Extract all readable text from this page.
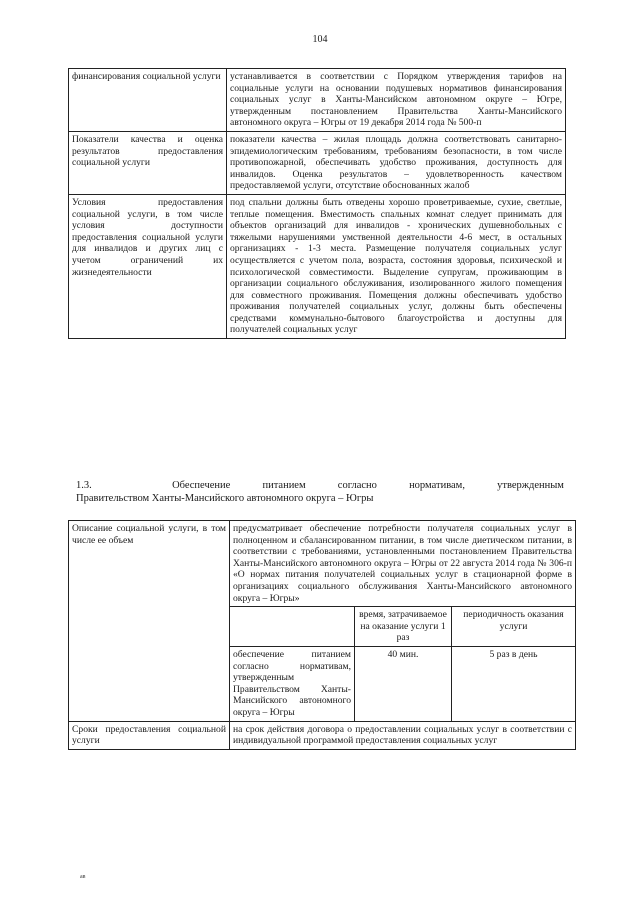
104
финансирования социальной услуги	устанавливается в соответствии с Порядком утверждения тарифов на социальные услуги на основании подушевых нормативов финансирования социальных услуг в Ханты-Мансийском автономном округе – Югре, утвержденным постановлением Правительства Ханты-Мансийского автономного округа – Югры от 19 декабря 2014 года № 500-п
Показатели качества и оценка результатов предоставления социальной услуги	показатели качества – жилая площадь должна соответствовать санитарно-эпидемиологическим требованиям, требованиям безопасности, в том числе противопожарной, обеспечивать удобство проживания, доступность для инвалидов. Оценка результатов – удовлетворенность качеством предоставляемой услуги, отсутствие обоснованных жалоб
Условия предоставления социальной услуги, в том числе условия доступности предоставления социальной услуги для инвалидов и других лиц с учетом ограничений их жизнедеятельности	под спальни должны быть отведены хорошо проветриваемые, сухие, светлые, теплые помещения. Вместимость спальных комнат следует принимать для объектов организаций для инвалидов - хронических душевнобольных с тяжелыми нарушениями умственной деятельности 4-6 мест, в остальных организациях - 1-3 места. Размещение получателя социальных услуг осуществляется с учетом пола, возраста, состояния здоровья, психической и психологической совместимости. Выделение супругам, проживающим в организации социального обслуживания, изолированного жилого помещения для совместного проживания. Помещения должны обеспечивать удобство проживания получателей социальных услуг, должны быть обеспечены средствами коммунально-бытового благоустройства и доступны для получателей социальных услуг
1.3.	Обеспечение	питанием	согласно	нормативам,	утвержденным
Правительством Ханты-Мансийского автономного округа – Югры
Описание социальной услуги, в том числе ее объем	предусматривает обеспечение потребности получателя социальных услуг в полноценном и сбалансированном питании, в том числе диетическом питании, в соответствии с требованиями, установленными постановлением Правительства Ханты-Мансийского автономного округа – Югры от 22 августа 2014 года № 306-п «О нормах питания получателей социальных услуг в стационарной форме в организациях социального обслуживания Ханты-Мансийского автономного округа – Югры»		
		время, затрачиваемое на оказание услуги 1 раз	периодичность оказания услуги
	обеспечение питанием согласно нормативам, утвержденным Правительством Ханты-Мансийского автономного округа – Югры	40 мин.	5 раз в день
Сроки предоставления социальной услуги	на срок действия договора о предоставлении социальных услуг в соответствии с индивидуальной программой предоставления социальных услуг		
ав
